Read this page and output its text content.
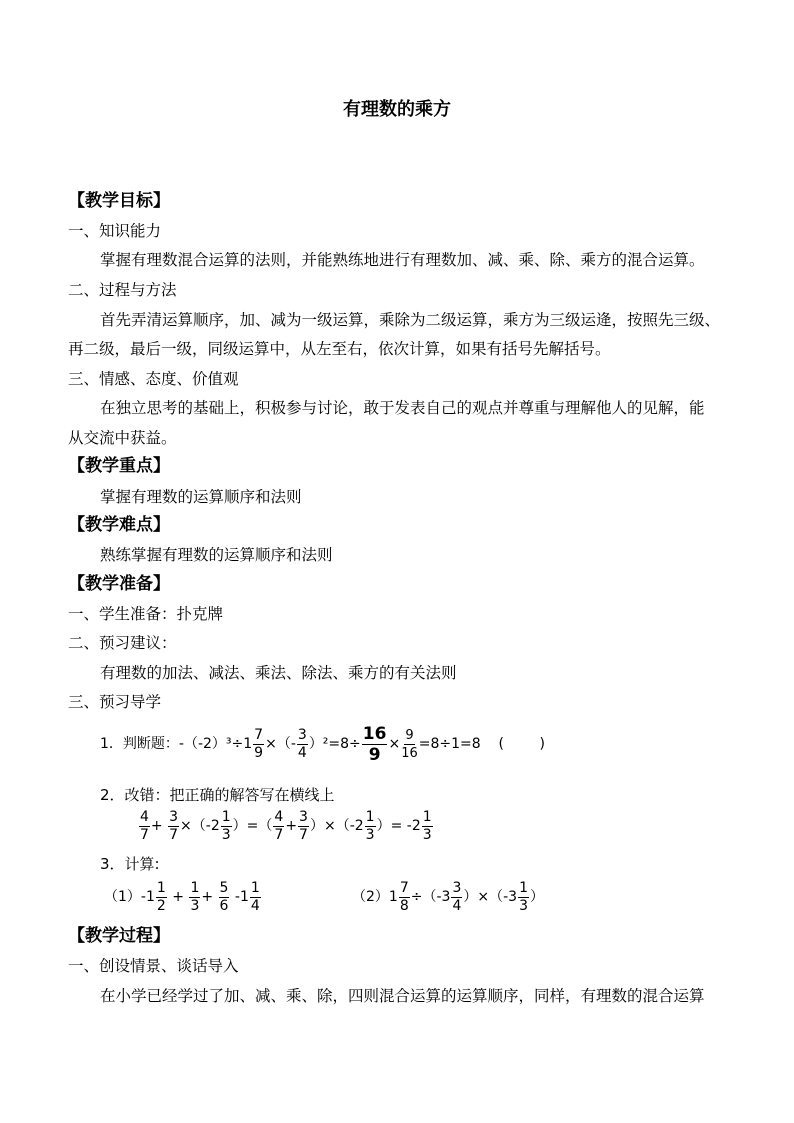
有理数的乘方
【教学目标】
一、知识能力
掌握有理数混合运算的法则，并能熟练地进行有理数加、减、乘、除、乘方的混合运算。
二、过程与方法
首先弄清运算顺序，加、减为一级运算，乘除为二级运算，乘方为三级运逄，按照先三级、
再二级，最后一级，同级运算中，从左至右，依次计算，如果有括号先解括号。
三、情感、态度、价值观
在独立思考的基础上，积极参与讨论，敢于发表自己的观点并尊重与理解他人的见解，能
从交流中获益。
【教学重点】
掌握有理数的运算顺序和法则
【教学难点】
熟练掌握有理数的运算顺序和法则
【教学准备】
一、学生准备：扑克牌
二、预习建议：
有理数的加法、减法、乘法、除法、乘方的有关法则
三、预习导学
1．判断题：$-(-2)^3\div 1 \frac{7}{9}$ ×（- $\frac{3}{4} )^2=8\div \frac{16}{9} \times \frac{9}{16} =8\div 1=8$    (        )
2．改错：把正确的解答写在横线上
$\frac{4}{7} + \frac{3}{7} \times(-2 \frac{1}{3}$ ）=（ $\frac{4}{7} + \frac{3}{7} )\times(-2 \frac{1}{3}$ ）= $-2 \frac{1}{3}$
3．计算:
$(1)-1 \frac{1}{2} + \frac{1}{3} + \frac{5}{6} -1 \frac{1}{4}$	$(2)1 \frac{7}{8} \div(-3 \frac{3}{4} )\times(-3 \frac{1}{3}$ ）
【教学过程】
一、创设情景、谈话导入
在小学已经学过了加、减、乘、除，四则混合运算的运算顺序，同样，有理数的混合运算
